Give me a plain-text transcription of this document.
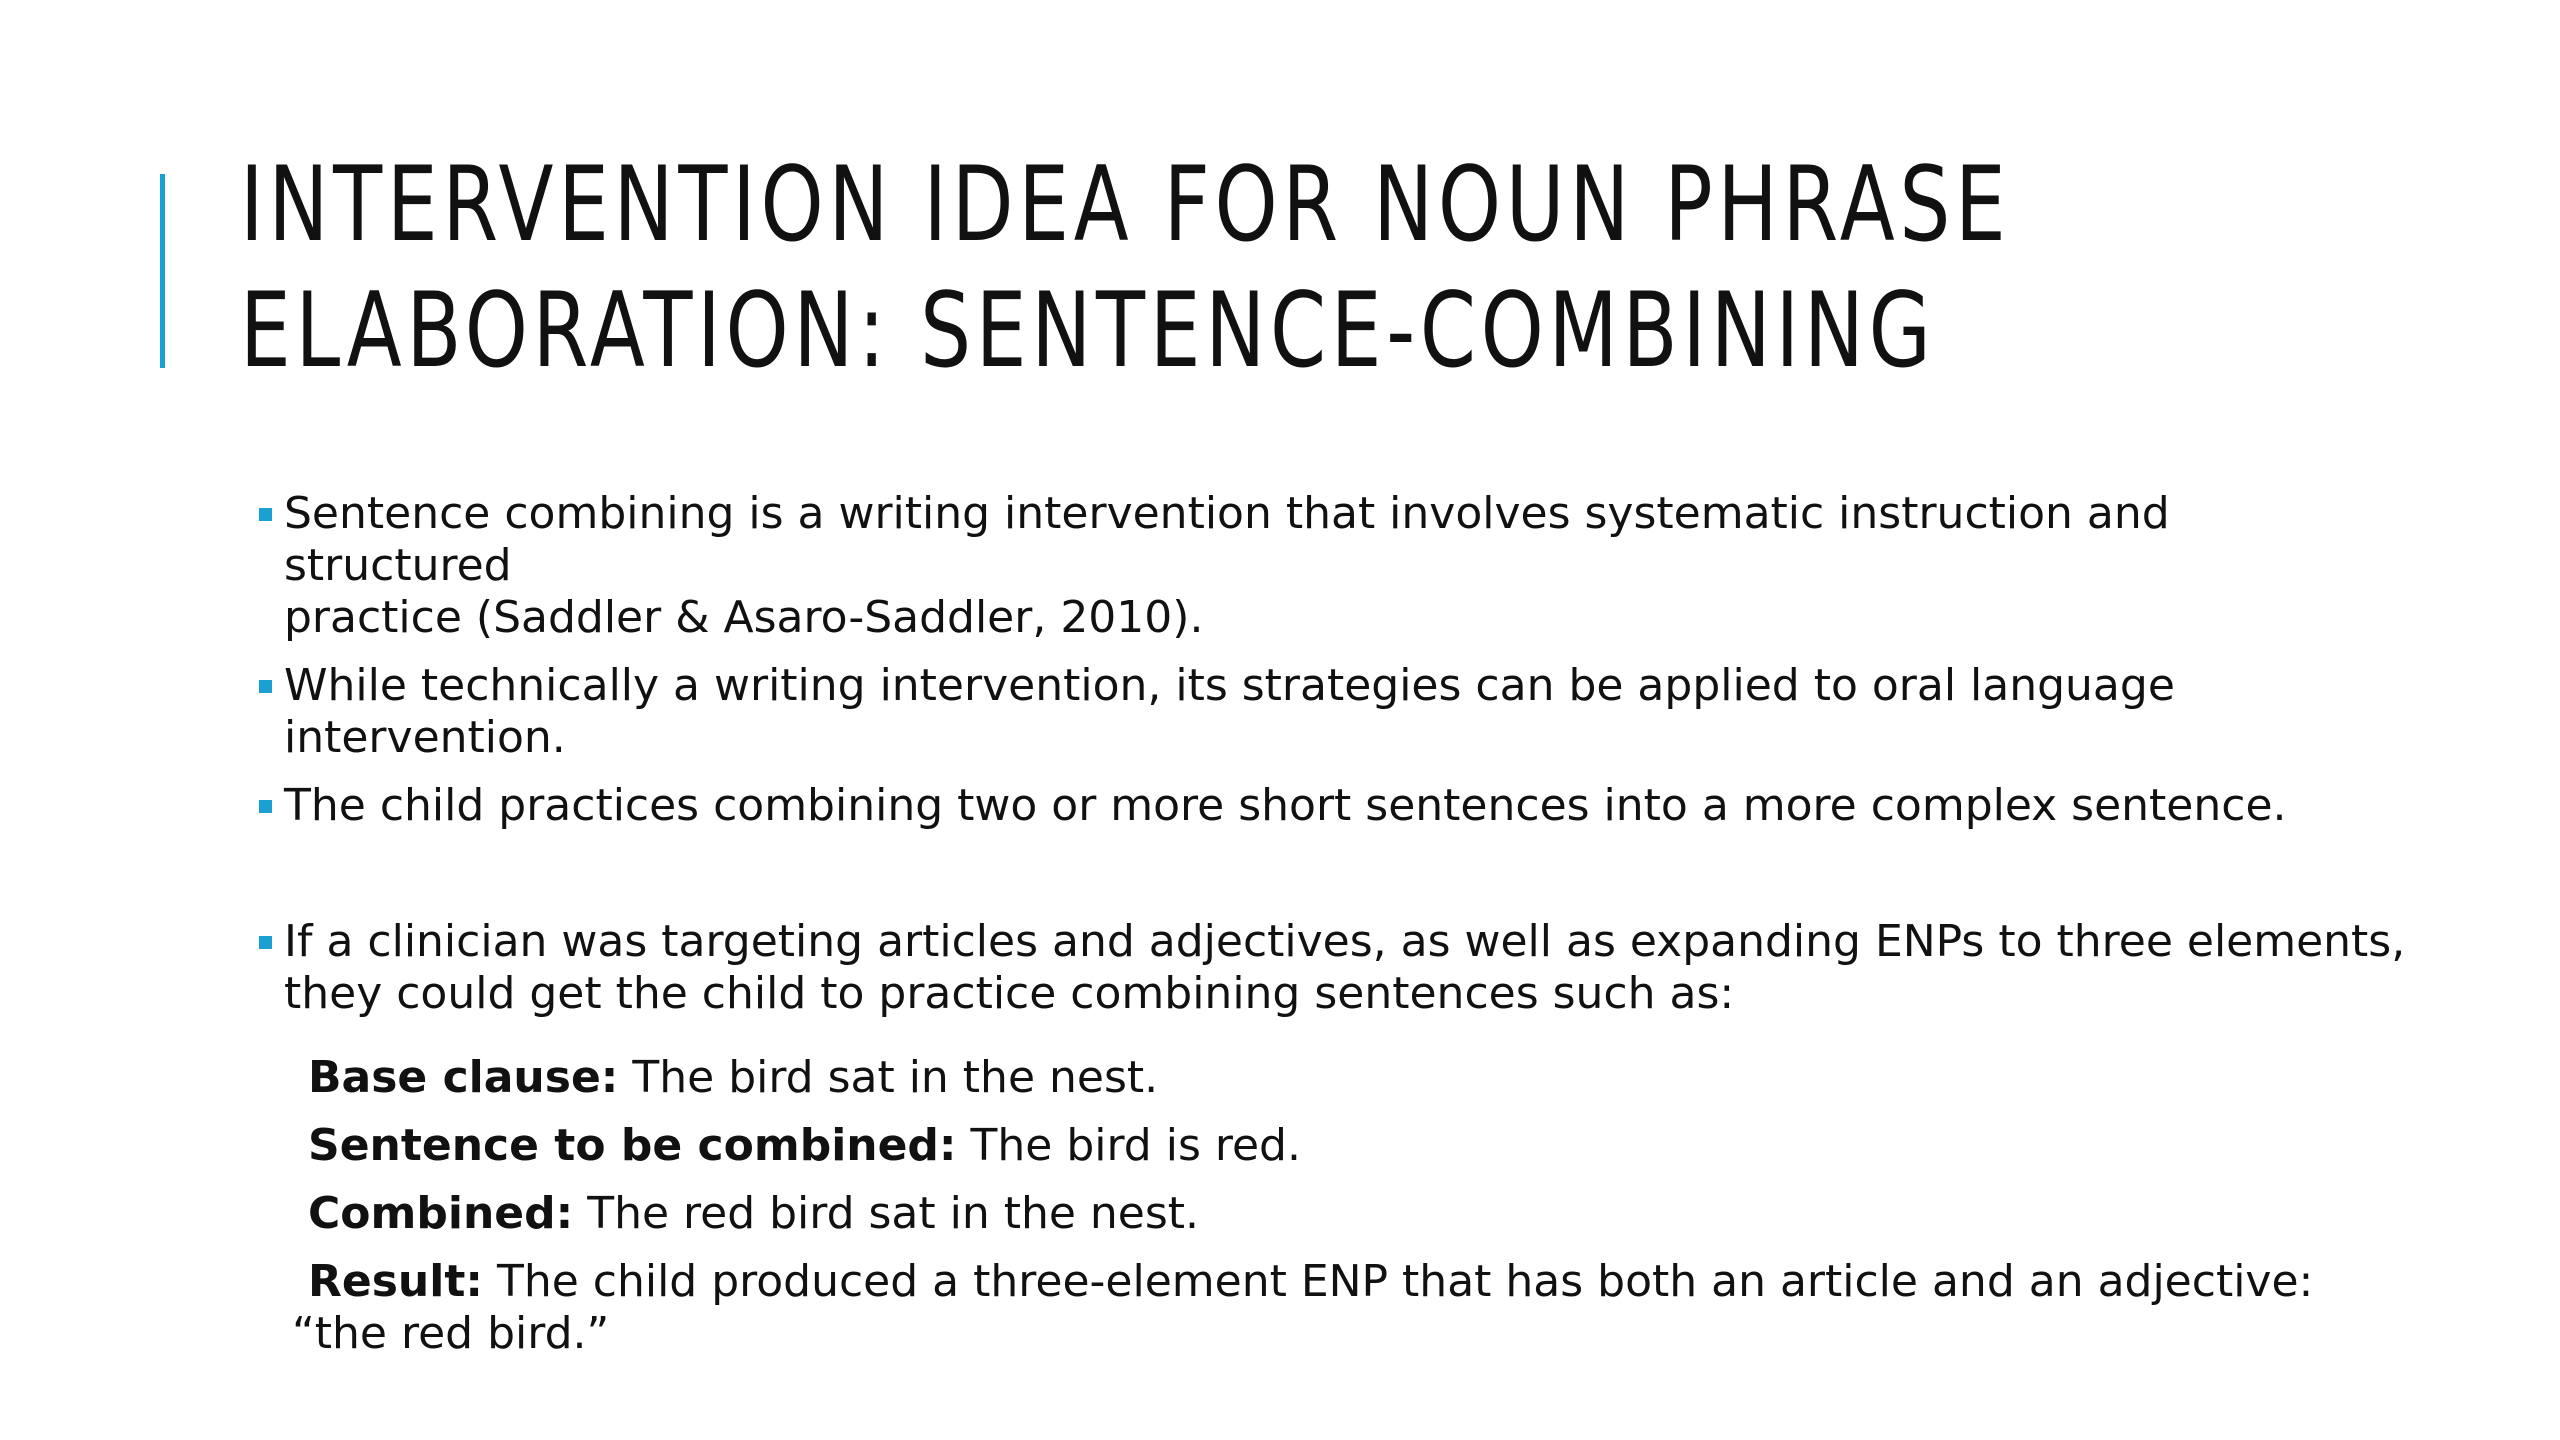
INTERVENTION IDEA FOR NOUN PHRASE
ELABORATION: SENTENCE-COMBINING
Sentence combining is a writing intervention that involves systematic instruction and structured
practice (Saddler & Asaro-Saddler, 2010).
While technically a writing intervention, its strategies can be applied to oral language
intervention.
The child practices combining two or more short sentences into a more complex sentence.
If a clinician was targeting articles and adjectives, as well as expanding ENPs to three elements,
they could get the child to practice combining sentences such as:
Base clause: The bird sat in the nest.
Sentence to be combined: The bird is red.
Combined: The red bird sat in the nest.
Result: The child produced a three-element ENP that has both an article and an adjective:
“the red bird.”
